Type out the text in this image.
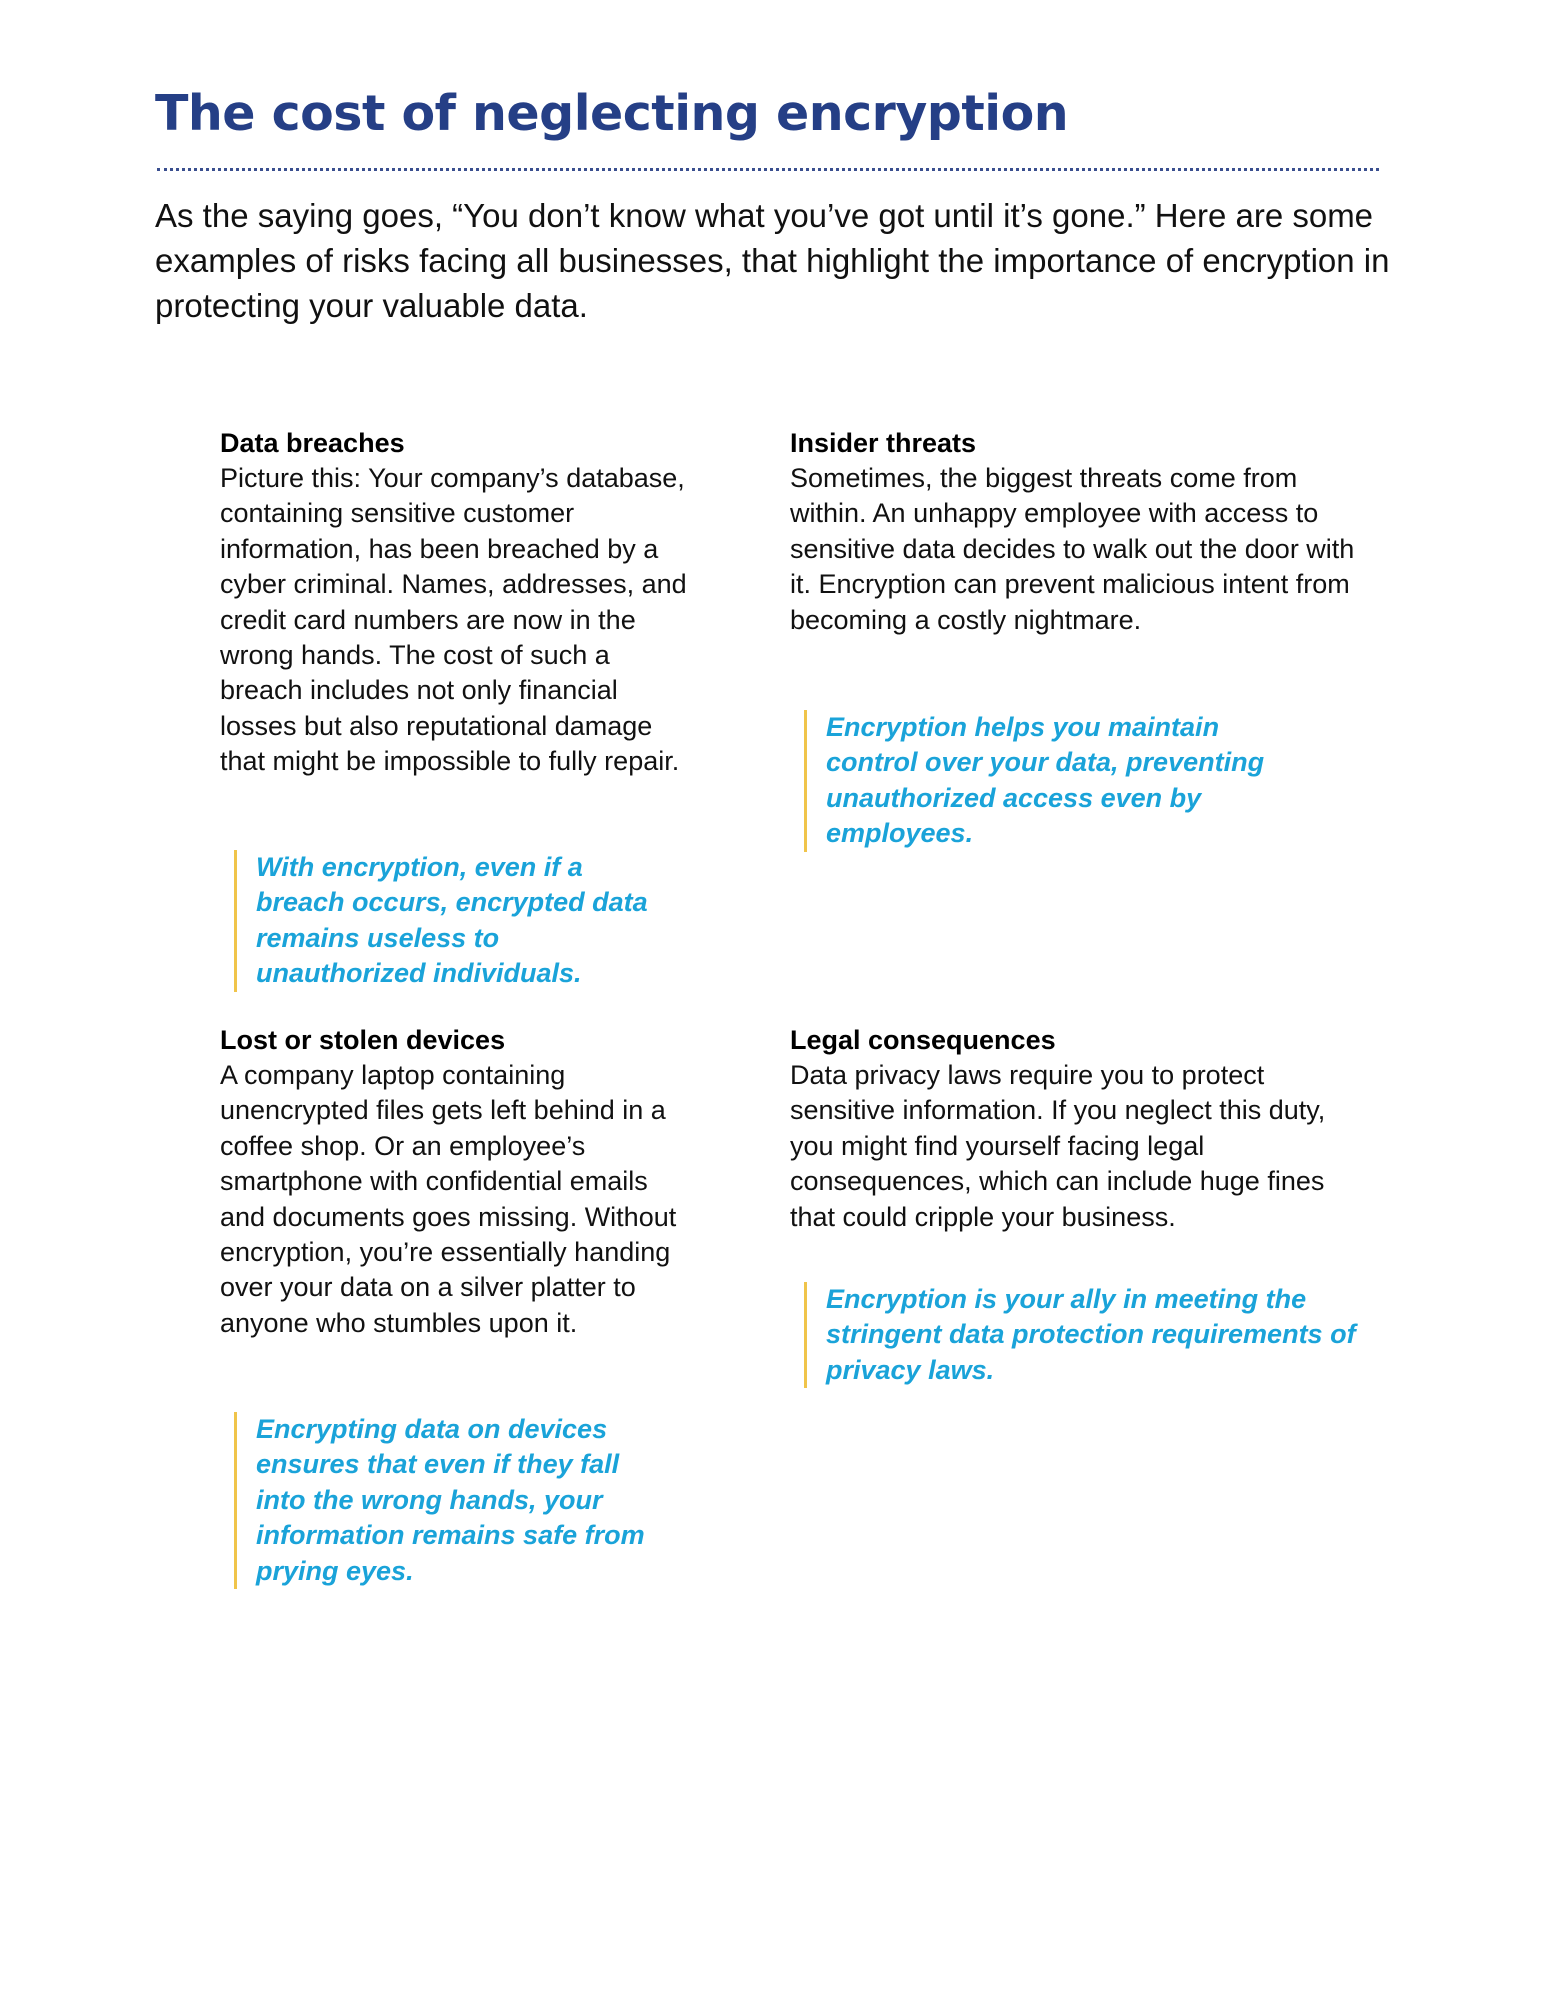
The cost of neglecting encryption

As the saying goes, “You don’t know what you’ve got until it’s gone.” Here are some examples of risks facing all businesses, that highlight the importance of encryption in protecting your valuable data.

Data breaches

Picture this: Your company’s database, containing sensitive customer information, has been breached by a cyber criminal. Names, addresses, and credit card numbers are now in the wrong hands. The cost of such a breach includes not only financial losses but also reputational damage that might be impossible to fully repair.

With encryption, even if a breach occurs, encrypted data remains useless to unauthorized individuals.

Insider threats

Sometimes, the biggest threats come from within. An unhappy employee with access to sensitive data decides to walk out the door with it. Encryption can prevent malicious intent from becoming a costly nightmare.

Encryption helps you maintain control over your data, preventing unauthorized access even by employees.

Lost or stolen devices

A company laptop containing unencrypted files gets left behind in a coffee shop. Or an employee’s smartphone with confidential emails and documents goes missing. Without encryption, you’re essentially handing over your data on a silver platter to anyone who stumbles upon it.

Encrypting data on devices ensures that even if they fall into the wrong hands, your information remains safe from prying eyes.

Legal consequences

Data privacy laws require you to protect sensitive information. If you neglect this duty, you might find yourself facing legal consequences, which can include huge fines that could cripple your business.

Encryption is your ally in meeting the stringent data protection requirements of privacy laws.
